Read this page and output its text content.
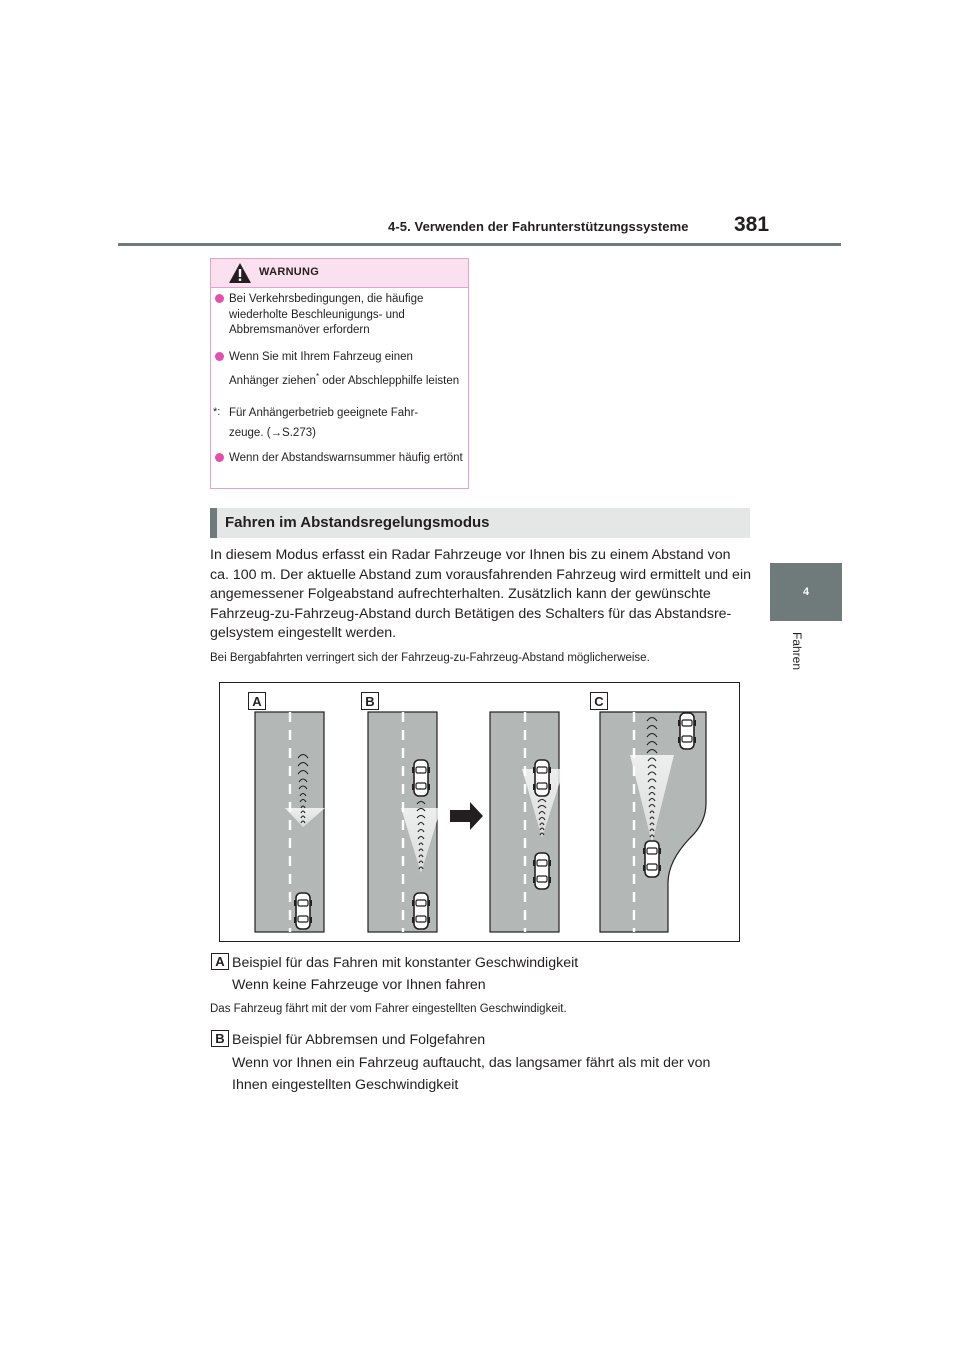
4-5. Verwenden der Fahrunterstützungssysteme 381
4
Fahren
WARNUNG
Bei Verkehrsbedingungen, die häufige wiederholte Beschleunigungs- und Abbremsmanöver erfordern
Wenn Sie mit Ihrem Fahrzeug einen
Anhänger ziehen* oder Abschlepphilfe leisten
*: Für Anhängerbetrieb geeignete Fahr-
zeuge. (→S.273)
Wenn der Abstandswarnsummer häufig ertönt
Fahren im Abstandsregelungsmodus
In diesem Modus erfasst ein Radar Fahrzeuge vor Ihnen bis zu einem Abstand von ca. 100 m. Der aktuelle Abstand zum vorausfahrenden Fahrzeug wird ermittelt und ein angemessener Folgeabstand aufrechterhalten. Zusätzlich kann der gewünschte Fahrzeug-zu-Fahrzeug-Abstand durch Betätigen des Schalters für das Abstandsre-gelsystem eingestellt werden.
Bei Bergabfahrten verringert sich der Fahrzeug-zu-Fahrzeug-Abstand möglicherweise.
A	B	C
A Beispiel für das Fahren mit konstanter Geschwindigkeit
Wenn keine Fahrzeuge vor Ihnen fahren
Das Fahrzeug fährt mit der vom Fahrer eingestellten Geschwindigkeit.
B Beispiel für Abbremsen und Folgefahren
Wenn vor Ihnen ein Fahrzeug auftaucht, das langsamer fährt als mit der von
Ihnen eingestellten Geschwindigkeit
